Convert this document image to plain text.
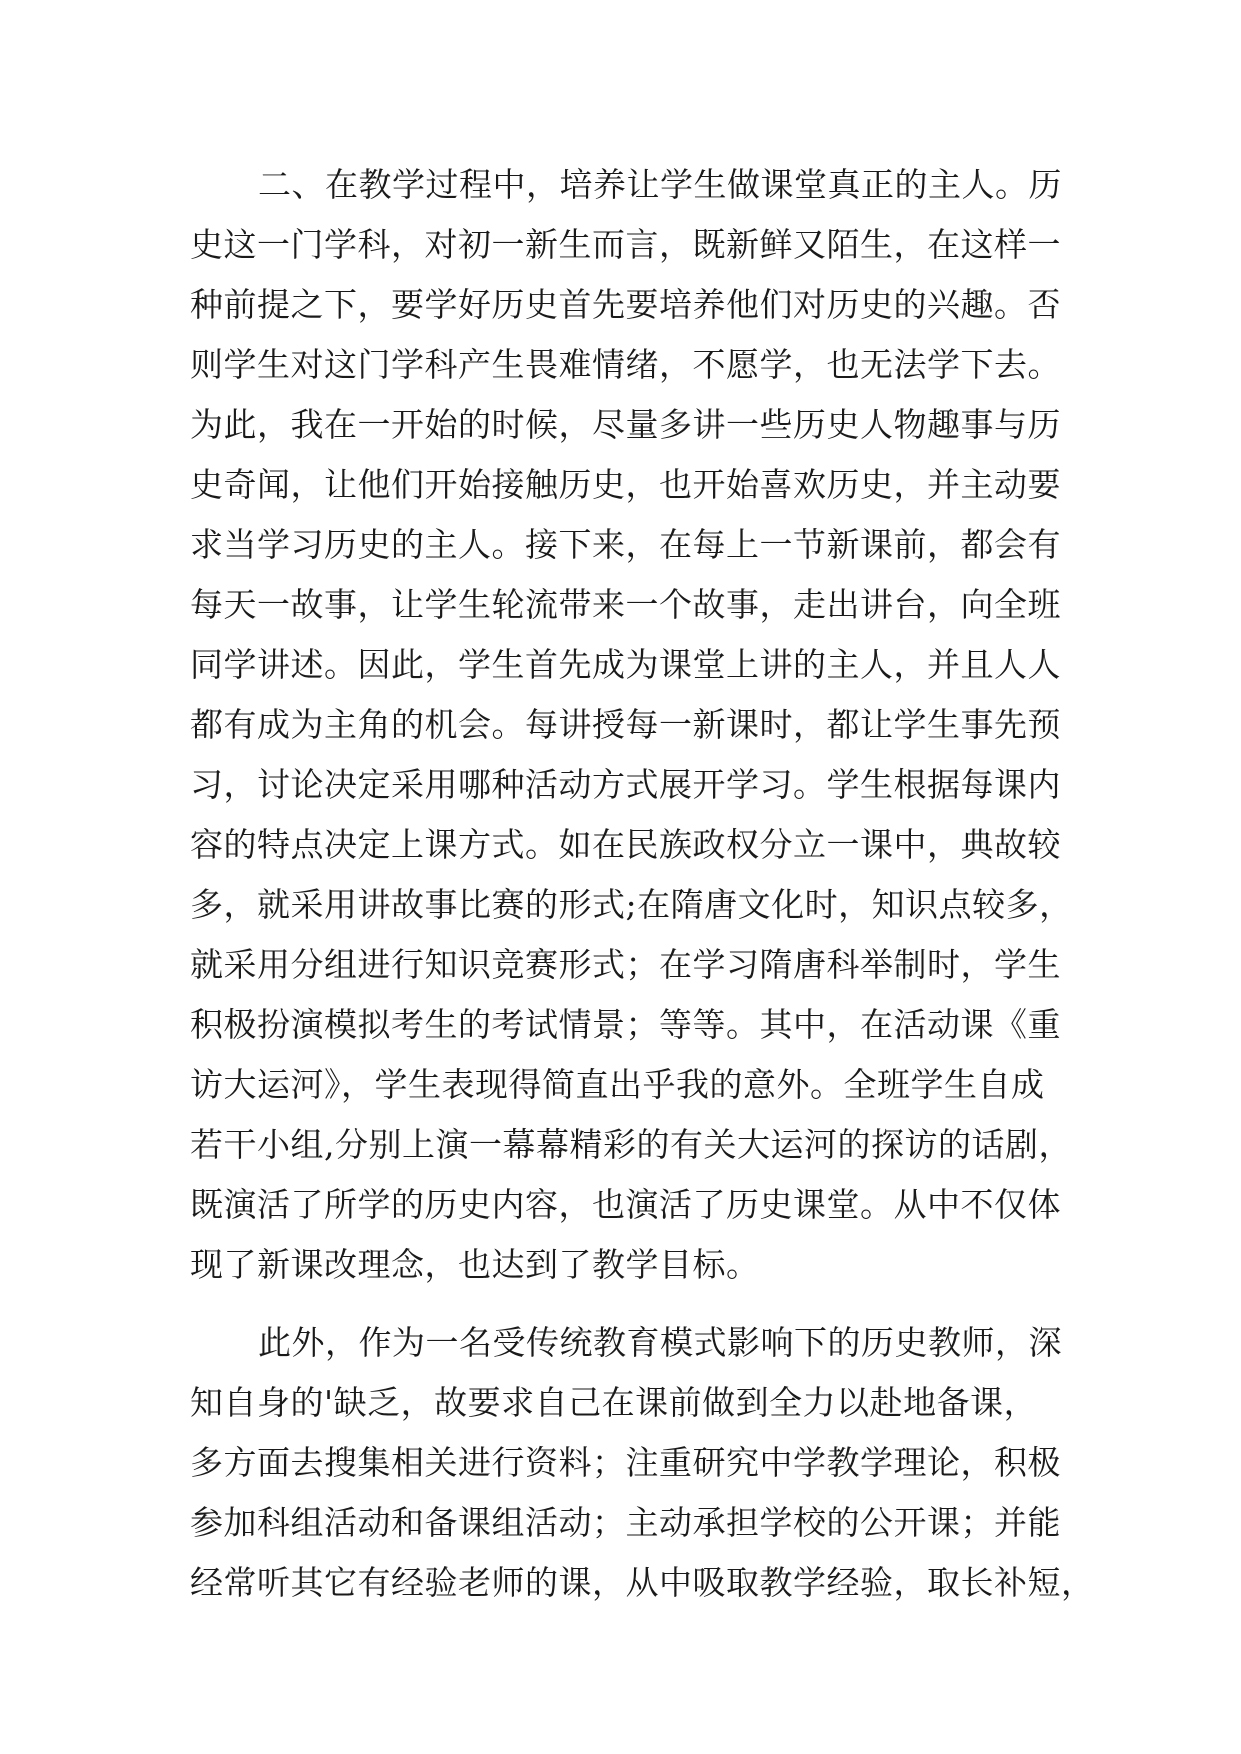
二、在教学过程中，培养让学生做课堂真正的主人。历
史这一门学科，对初一新生而言，既新鲜又陌生，在这样一
种前提之下，要学好历史首先要培养他们对历史的兴趣。否
则学生对这门学科产生畏难情绪，不愿学，也无法学下去。
为此，我在一开始的时候，尽量多讲一些历史人物趣事与历
史奇闻，让他们开始接触历史，也开始喜欢历史，并主动要
求当学习历史的主人。接下来，在每上一节新课前，都会有
每天一故事，让学生轮流带来一个故事，走出讲台，向全班
同学讲述。因此，学生首先成为课堂上讲的主人，并且人人
都有成为主角的机会。每讲授每一新课时，都让学生事先预
习，讨论决定采用哪种活动方式展开学习。学生根据每课内
容的特点决定上课方式。如在民族政权分立一课中，典故较
多，就采用讲故事比赛的形式;在隋唐文化时，知识点较多，
就采用分组进行知识竞赛形式；在学习隋唐科举制时，学生
积极扮演模拟考生的考试情景；等等。其中，在活动课《重
访大运河》，学生表现得简直出乎我的意外。全班学生自成
若干小组,分别上演一幕幕精彩的有关大运河的探访的话剧，
既演活了所学的历史内容，也演活了历史课堂。从中不仅体
现了新课改理念，也达到了教学目标。
此外，作为一名受传统教育模式影响下的历史教师，深
知自身的'缺乏，故要求自己在课前做到全力以赴地备课，
多方面去搜集相关进行资料；注重研究中学教学理论，积极
参加科组活动和备课组活动；主动承担学校的公开课；并能
经常听其它有经验老师的课，从中吸取教学经验，取长补短，
